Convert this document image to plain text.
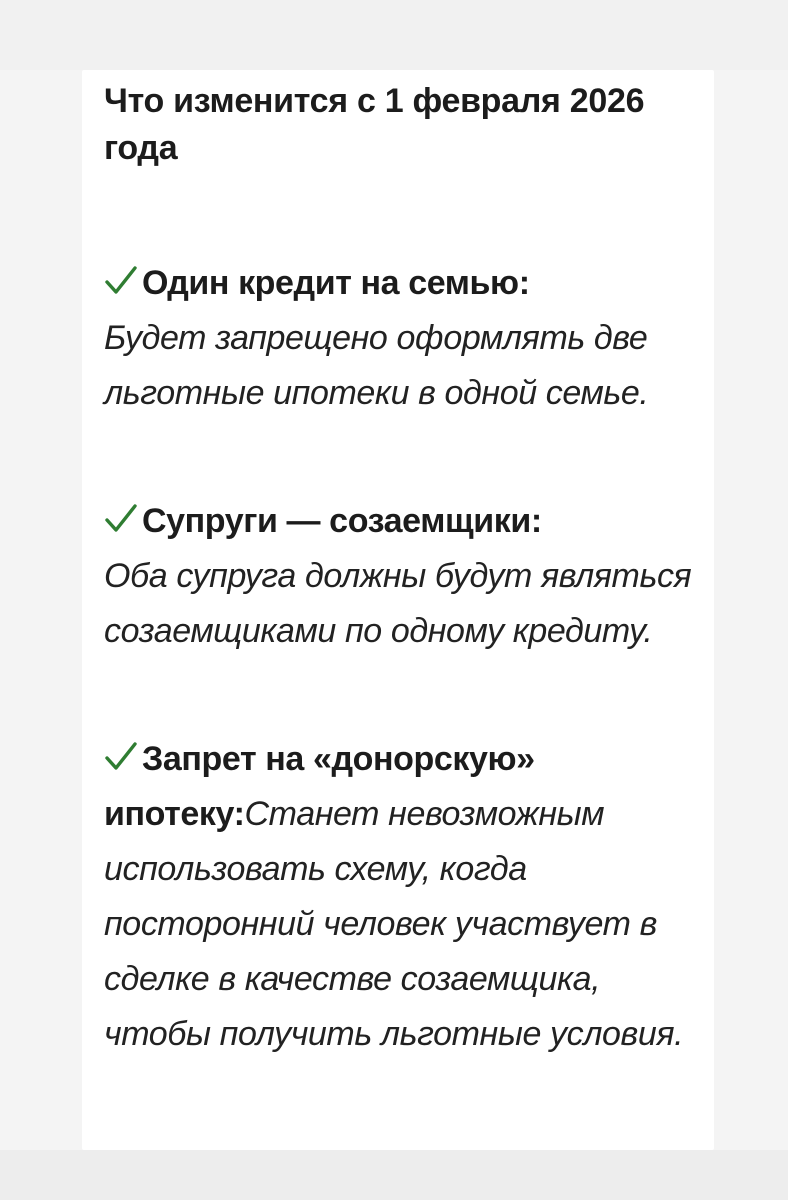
Что изменится с 1 февраля 2026 года
Один кредит на семью:
Будет запрещено оформлять две льготные ипотеки в одной семье.
Супруги — созаемщики:
Оба супруга должны будут являться созаемщиками по одному кредиту.
Запрет на «донорскую» ипотеку:Станет невозможным использовать схему, когда посторонний человек участвует в сделке в качестве созаемщика, чтобы получить льготные условия.
